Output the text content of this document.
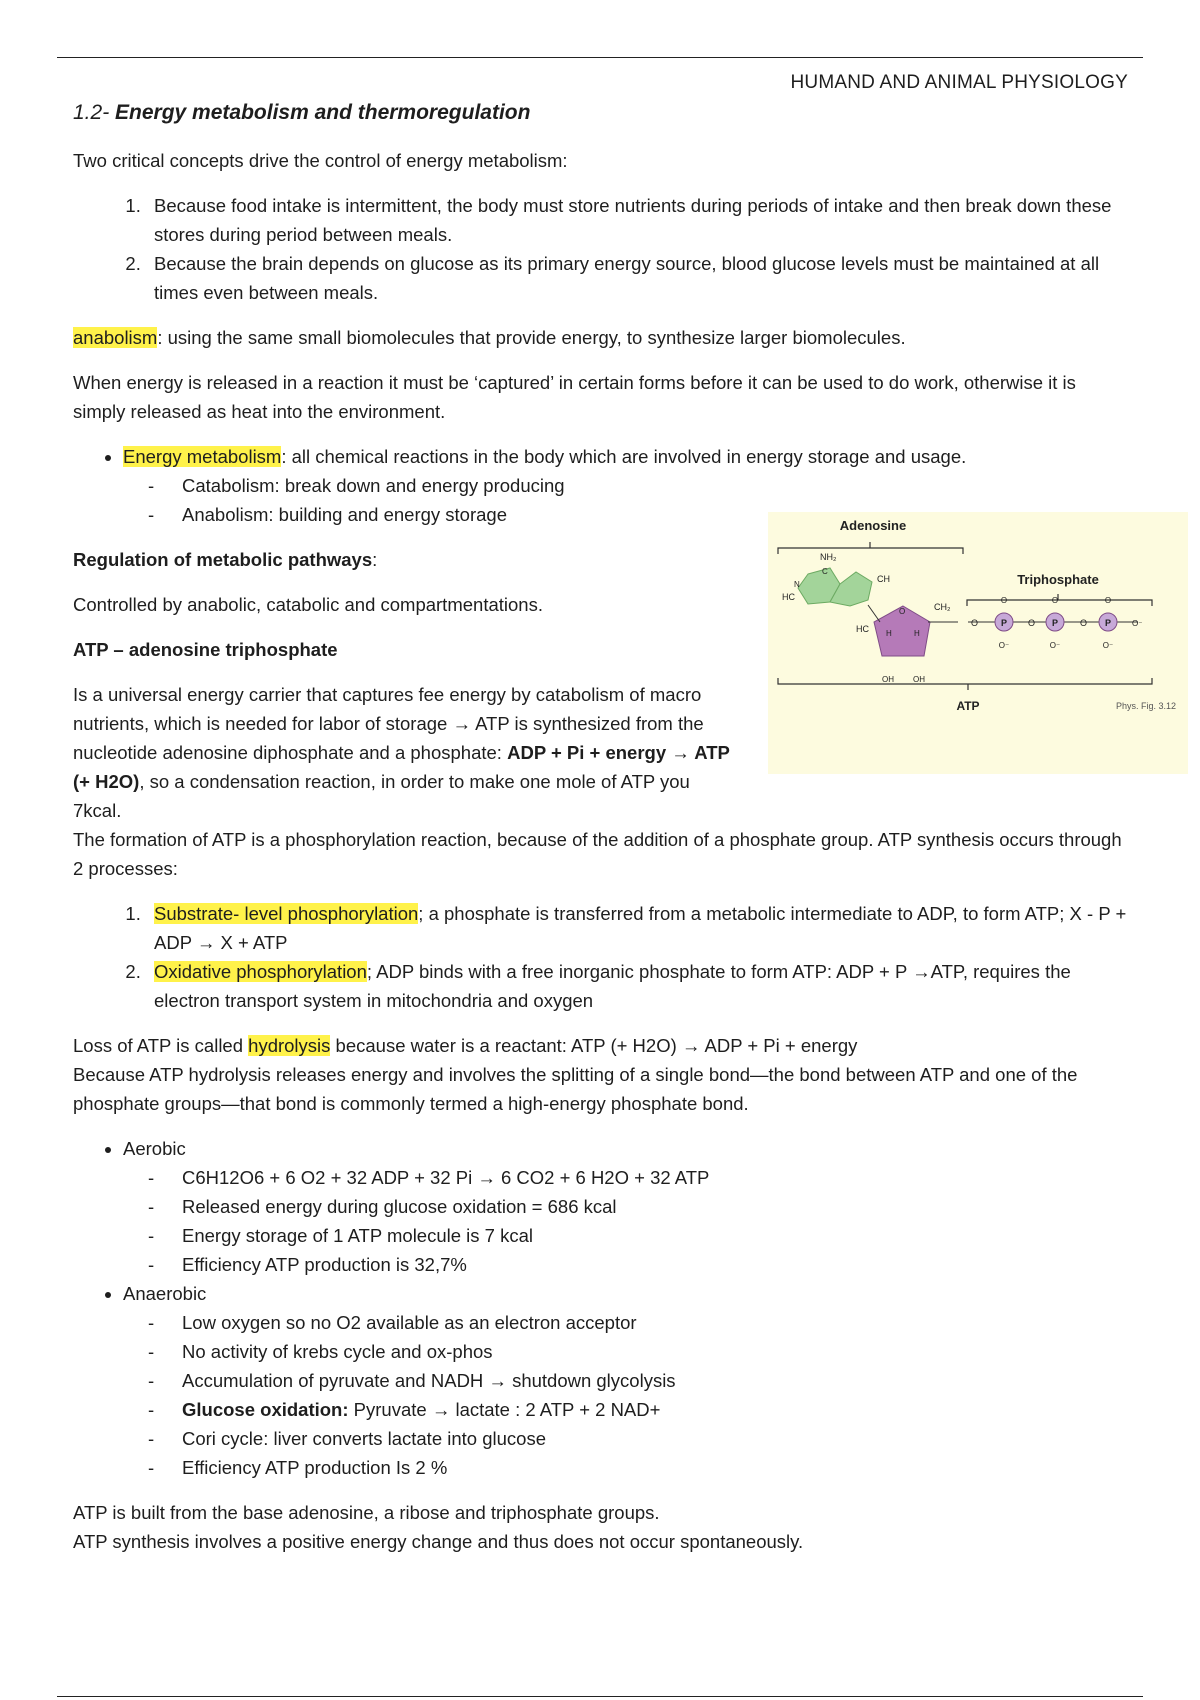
HUMAND AND ANIMAL PHYSIOLOGY
1.2- Energy metabolism and thermoregulation

Two critical concepts drive the control of energy metabolism:

1. Because food intake is intermittent, the body must store nutrients during periods of intake and then break down these stores during period between meals.
2. Because the brain depends on glucose as its primary energy source, blood glucose levels must be maintained at all times even between meals.

anabolism: using the same small biomolecules that provide energy, to synthesize larger biomolecules.

When energy is released in a reaction it must be ‘captured’ in certain forms before it can be used to do work, otherwise it is simply released as heat into the environment.

• Energy metabolism: all chemical reactions in the body which are involved in energy storage and usage.
- Catabolism: break down and energy producing
- Anabolism: building and energy storage

Regulation of metabolic pathways:

Controlled by anabolic, catabolic and compartmentations.

ATP – adenosine triphosphate

Is a universal energy carrier that captures fee energy by catabolism of macro nutrients, which is needed for labor of storage → ATP is synthesized from the nucleotide adenosine diphosphate and a phosphate: ADP + Pi + energy → ATP (+ H2O), so a condensation reaction, in order to make one mole of ATP you 7kcal.

The formation of ATP is a phosphorylation reaction, because of the addition of a phosphate group. ATP synthesis occurs through 2 processes:

1. Substrate- level phosphorylation; a phosphate is transferred from a metabolic intermediate to ADP, to form ATP; X - P + ADP → X + ATP
2. Oxidative phosphorylation; ADP binds with a free inorganic phosphate to form ATP: ADP + P →ATP, requires the electron transport system in mitochondria and oxygen
Loss of ATP is called hydrolysis because water is a reactant: ATP (+ H2O) → ADP + Pi + energy

Because ATP hydrolysis releases energy and involves the splitting of a single bond—the bond between ATP and one of the phosphate groups—that bond is commonly termed a high-energy phosphate bond.

• Aerobic
- C6H12O6 + 6 O2 + 32 ADP + 32 Pi → 6 CO2 + 6 H2O + 32 ATP
- Released energy during glucose oxidation = 686 kcal
- Energy storage of 1 ATP molecule is 7 kcal
- Efficiency ATP production is 32,7%
• Anaerobic
- Low oxygen so no O2 available as an electron acceptor
- No activity of krebs cycle and ox-phos
- Accumulation of pyruvate and NADH → shutdown glycolysis
- Glucose oxidation: Pyruvate → lactate : 2 ATP + 2 NAD+
- Cori cycle: liver converts lactate into glucose
- Efficiency ATP production Is 2 %
ATP is built from the base adenosine, a ribose and triphosphate groups.
ATP synthesis involves a positive energy change and thus does not occur spontaneously.
Adenosine
NH₂
CH
HC
N
C
HC
O
H	H
OH OH
Triphosphate
CH₂
O	P
O
O⁻
O P
O
O⁻
O P
O
O⁻
O⁻
ATP	Phys. Fig. 3.12
